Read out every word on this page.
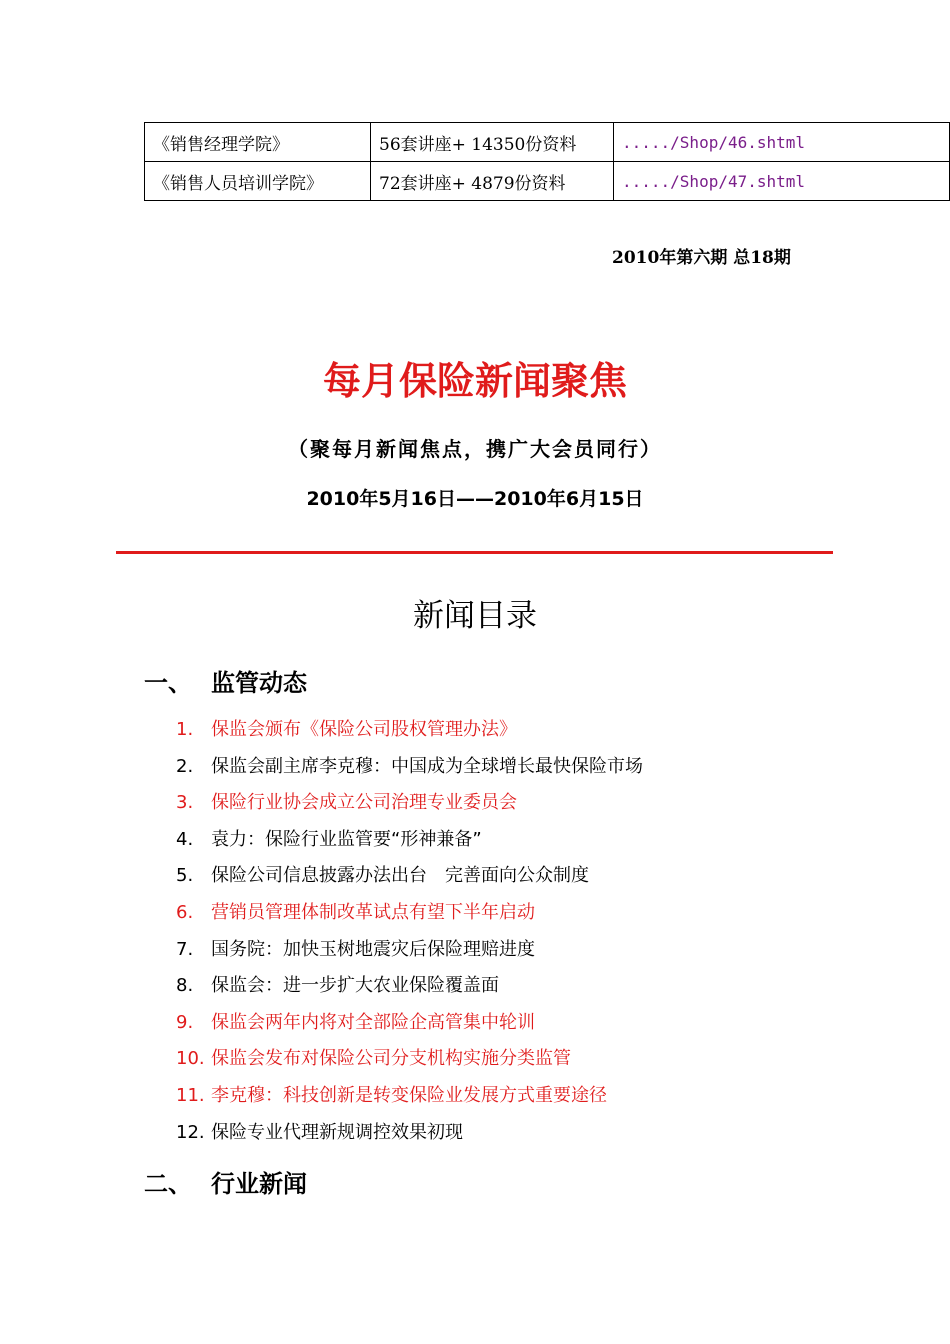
《销售经理学院》	56套讲座+ 14350份资料	...../Shop/46.shtml
《销售人员培训学院》	72套讲座+ 4879份资料	...../Shop/47.shtml
2010年第六期 总18期
每月保险新闻聚焦
（聚每月新闻焦点，携广大会员同行）
2010年5月16日——2010年6月15日
新闻目录
一、 监管动态
1. 保监会颁布《保险公司股权管理办法》
2. 保监会副主席李克穆：中国成为全球增长最快保险市场
3. 保险行业协会成立公司治理专业委员会
4. 袁力：保险行业监管要“形神兼备”
5. 保险公司信息披露办法出台　完善面向公众制度
6. 营销员管理体制改革试点有望下半年启动
7. 国务院：加快玉树地震灾后保险理赔进度
8. 保监会：进一步扩大农业保险覆盖面
9. 保监会两年内将对全部险企高管集中轮训
10. 保监会发布对保险公司分支机构实施分类监管
11. 李克穆：科技创新是转变保险业发展方式重要途径
12. 保险专业代理新规调控效果初现
二、 行业新闻
